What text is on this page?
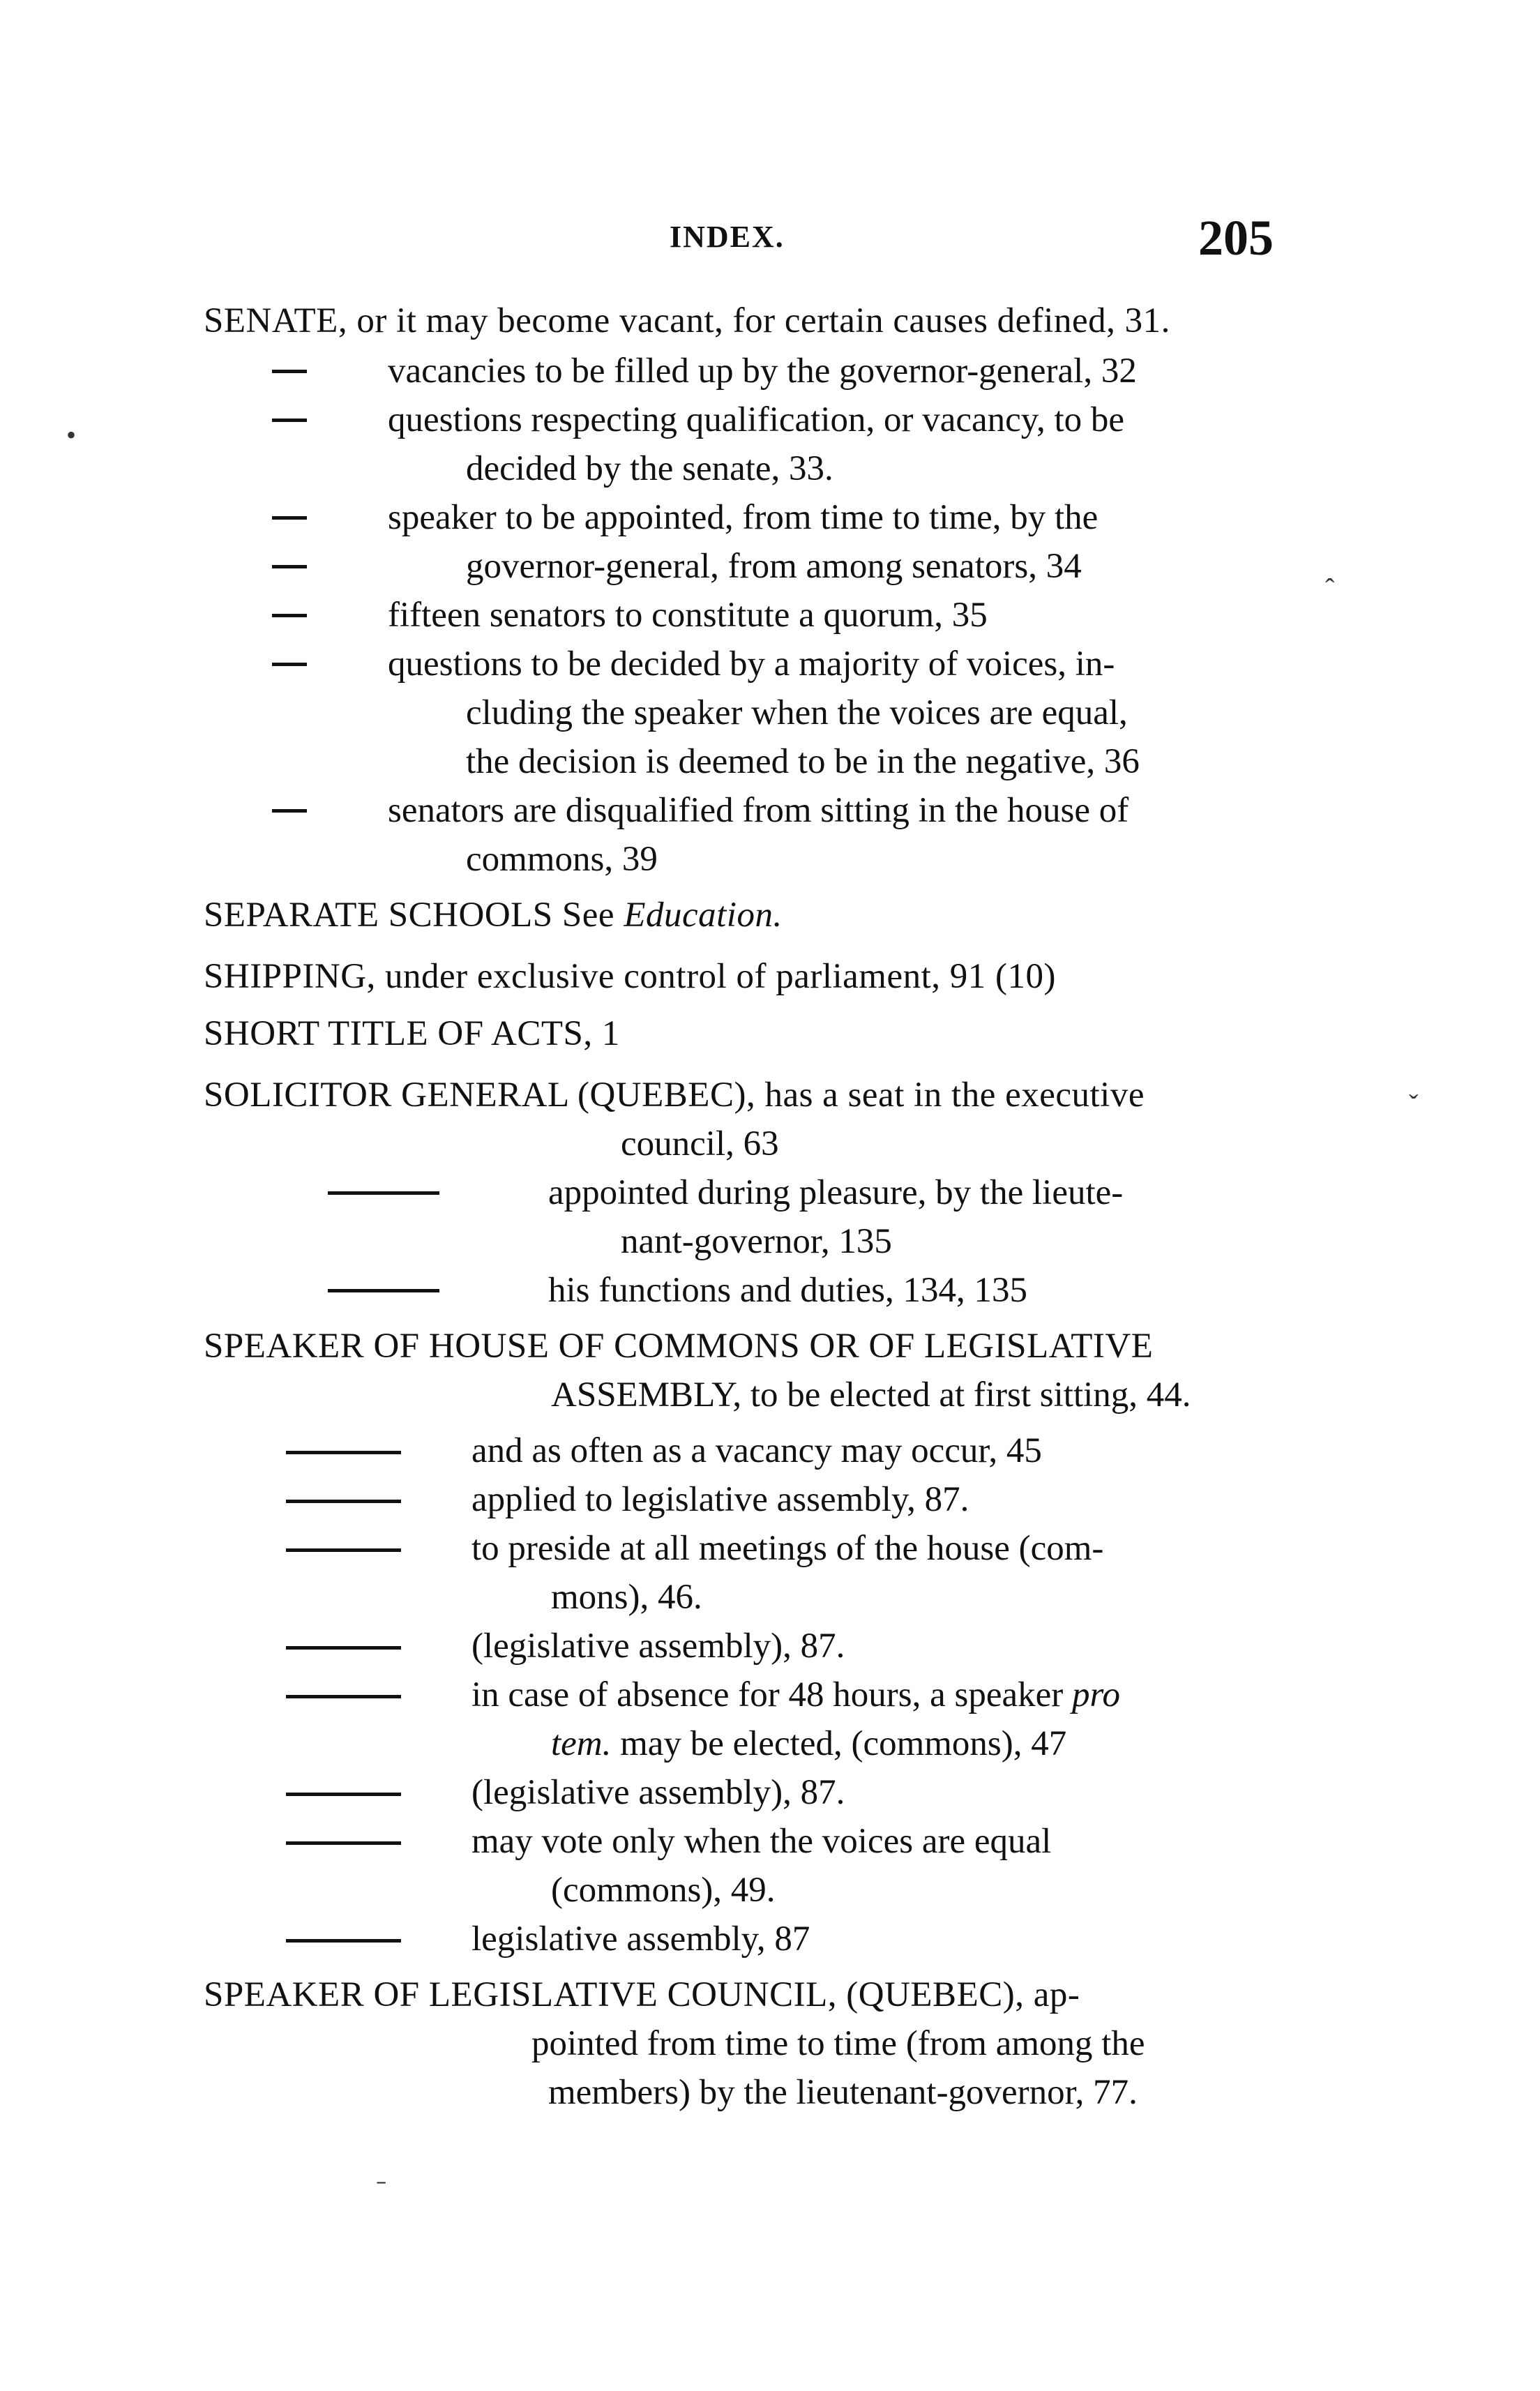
INDEX.	205
SENATE, or it may become vacant, for certain causes defined, 31.
vacancies to be filled up by the governor-general, 32
questions respecting qualification, or vacancy, to be
decided by the senate, 33.
speaker to be appointed, from time to time, by the
governor-general, from among senators, 34
fifteen senators to constitute a quorum, 35
questions to be decided by a majority of voices, in-
cluding the speaker when the voices are equal,
the decision is deemed to be in the negative, 36
senators are disqualified from sitting in the house of
commons, 39
SEPARATE SCHOOLS See Education.
SHIPPING, under exclusive control of parliament, 91 (10)
SHORT TITLE OF ACTS, 1
SOLICITOR GENERAL (QUEBEC), has a seat in the executive
council, 63
appointed during pleasure, by the lieute-
nant-governor, 135
his functions and duties, 134, 135
SPEAKER OF HOUSE OF COMMONS OR OF LEGISLATIVE
ASSEMBLY, to be elected at first sitting, 44.
and as often as a vacancy may occur, 45
applied to legislative assembly, 87.
to preside at all meetings of the house (com-
mons), 46.
(legislative assembly), 87.
in case of absence for 48 hours, a speaker pro
tem. may be elected, (commons), 47
(legislative assembly), 87.
may vote only when the voices are equal
(commons), 49.
legislative assembly, 87
SPEAKER OF LEGISLATIVE COUNCIL, (QUEBEC), ap-
pointed from time to time (from among the
members) by the lieutenant-governor, 77.
•
ˆ
ˇ
˗
